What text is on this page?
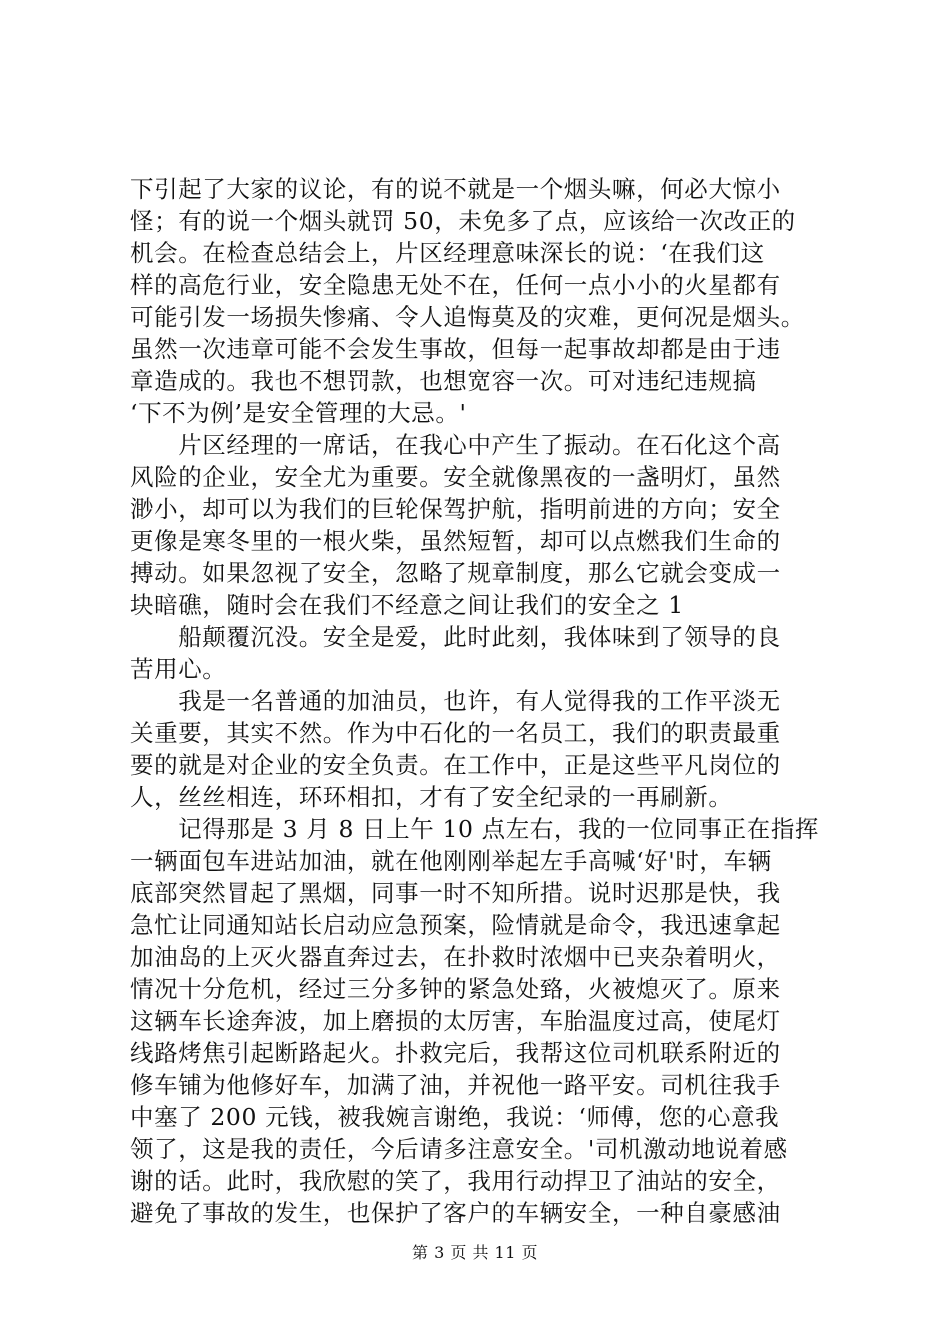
下引起了大家的议论，有的说不就是一个烟头嘛，何必大惊小
怪；有的说一个烟头就罚 50，未免多了点，应该给一次改正的
机会。在检查总结会上，片区经理意味深长的说：‘在我们这
样的高危行业，安全隐患无处不在，任何一点小小的火星都有
可能引发一场损失惨痛、令人追悔莫及的灾难，更何况是烟头。
虽然一次违章可能不会发生事故，但每一起事故却都是由于违
章造成的。我也不想罚款，也想宽容一次。可对违纪违规搞
‘下不为例’是安全管理的大忌。'
　　片区经理的一席话，在我心中产生了振动。在石化这个高
风险的企业，安全尤为重要。安全就像黑夜的一盏明灯，虽然
渺小，却可以为我们的巨轮保驾护航，指明前进的方向；安全
更像是寒冬里的一根火柴，虽然短暂，却可以点燃我们生命的
搏动。如果忽视了安全，忽略了规章制度，那么它就会变成一
块暗礁，随时会在我们不经意之间让我们的安全之 1
　　船颠覆沉没。安全是爱，此时此刻，我体味到了领导的良
苦用心。
　　我是一名普通的加油员，也许，有人觉得我的工作平淡无
关重要，其实不然。作为中石化的一名员工，我们的职责最重
要的就是对企业的安全负责。在工作中，正是这些平凡岗位的
人，丝丝相连，环环相扣，才有了安全纪录的一再刷新。
　　记得那是 3 月 8 日上午 10 点左右，我的一位同事正在指挥
一辆面包车进站加油，就在他刚刚举起左手高喊‘好'时，车辆
底部突然冒起了黑烟，同事一时不知所措。说时迟那是快，我
急忙让同通知站长启动应急预案，险情就是命令，我迅速拿起
加油岛的上灭火器直奔过去，在扑救时浓烟中已夹杂着明火，
情况十分危机，经过三分多钟的紧急处臵，火被熄灭了。原来
这辆车长途奔波，加上磨损的太厉害，车胎温度过高，使尾灯
线路烤焦引起断路起火。扑救完后，我帮这位司机联系附近的
修车铺为他修好车，加满了油，并祝他一路平安。司机往我手
中塞了 200 元钱，被我婉言谢绝，我说：‘师傅，您的心意我
领了，这是我的责任，今后请多注意安全。'司机激动地说着感
谢的话。此时，我欣慰的笑了，我用行动捍卫了油站的安全，
避免了事故的发生，也保护了客户的车辆安全，一种自豪感油
第 3 页 共 11 页
